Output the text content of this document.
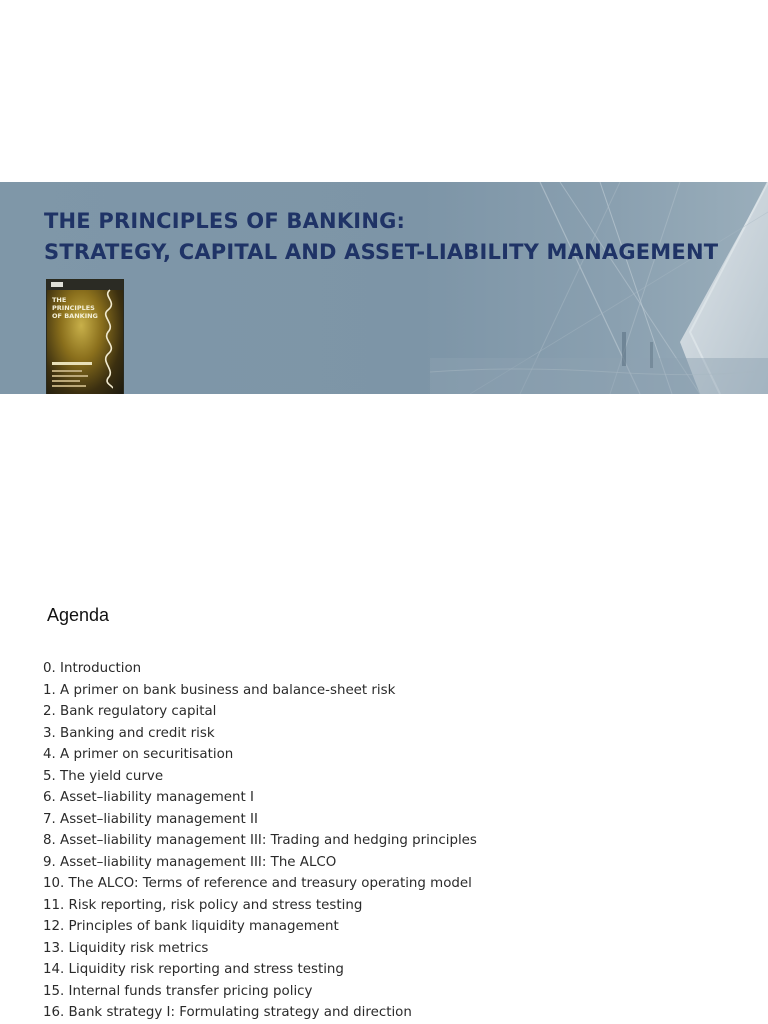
THE PRINCIPLES OF BANKING:
STRATEGY, CAPITAL AND ASSET-LIABILITY MANAGEMENT
THE PRINCIPLES OF BANKING
Agenda
0. Introduction
1. A primer on bank business and balance-sheet risk
2. Bank regulatory capital
3. Banking and credit risk
4. A primer on securitisation
5. The yield curve
6. Asset–liability management I
7. Asset–liability management II
8. Asset–liability management III: Trading and hedging principles
9. Asset–liability management III: The ALCO
10. The ALCO: Terms of reference and treasury operating model
11. Risk reporting, risk policy and stress testing
12. Principles of bank liquidity management
13. Liquidity risk metrics
14. Liquidity risk reporting and stress testing
15. Internal funds transfer pricing policy
16. Bank strategy I: Formulating strategy and direction
